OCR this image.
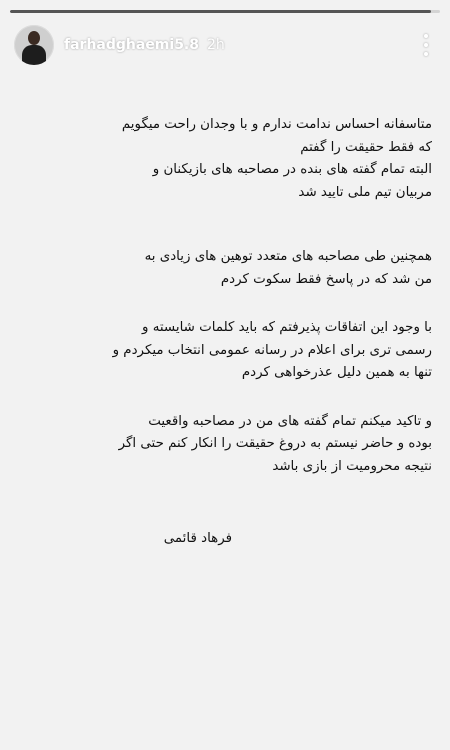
farhadghaemi5.8 2h
متاسفانه احساس ندامت ندارم و با وجدان راحت میگویم
که فقط حقیقت را گفتم
البته تمام گفته های بنده در مصاحبه های بازیکنان و
مربیان تیم ملی تایید شد
همچنین طی مصاحبه های متعدد توهین های زیادی به
من شد که در پاسخ فقط سکوت کردم
با وجود این اتفاقات پذیرفتم که باید کلمات شایسته و
رسمی تری برای اعلام در رسانه عمومی انتخاب میکردم و
تنها به همین دلیل عذرخواهی کردم
و تاکید میکنم تمام گفته های من در مصاحبه واقعیت
بوده و حاضر نیستم به دروغ حقیقت را انکار کنم حتی اگر
نتیجه محرومیت از بازی باشد
فرهاد قائمی
